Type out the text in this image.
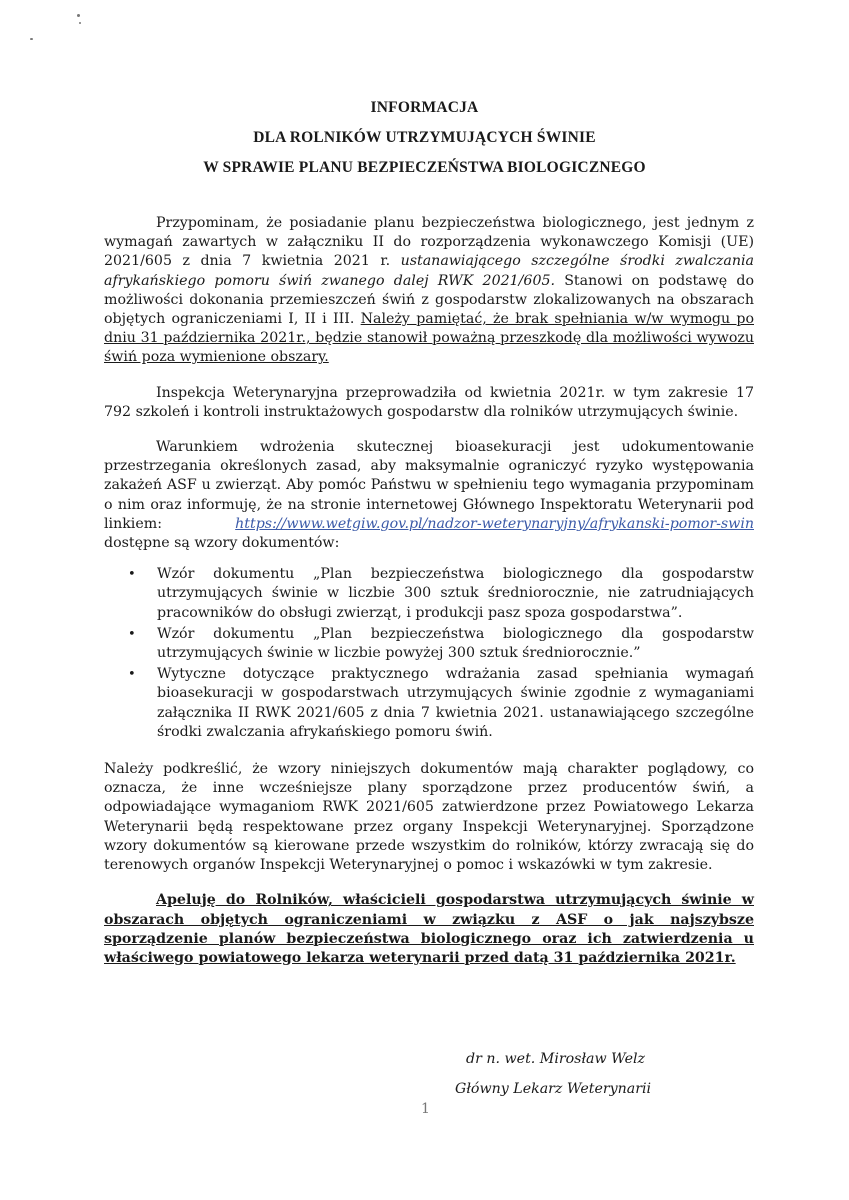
INFORMACJA
DLA ROLNIKÓW UTRZYMUJĄCYCH ŚWINIE
W SPRAWIE PLANU BEZPIECZEŃSTWA BIOLOGICZNEGO

Przypominam, że posiadanie planu bezpieczeństwa biologicznego, jest jednym z wymagań zawartych w załączniku II do rozporządzenia wykonawczego Komisji (UE) 2021/605 z dnia 7 kwietnia 2021 r. ustanawiającego szczególne środki zwalczania afrykańskiego pomoru świń zwanego dalej RWK 2021/605. Stanowi on podstawę do możliwości dokonania przemieszczeń świń z gospodarstw zlokalizowanych na obszarach objętych ograniczeniami I, II i III. Należy pamiętać, że brak spełniania w/w wymogu po dniu 31 października 2021r., będzie stanowił poważną przeszkodę dla możliwości wywozu świń poza wymienione obszary.

Inspekcja Weterynaryjna przeprowadziła od kwietnia 2021r. w tym zakresie 17 792 szkoleń i kontroli instruktażowych gospodarstw dla rolników utrzymujących świnie.

Warunkiem wdrożenia skutecznej bioasekuracji jest udokumentowanie przestrzegania określonych zasad, aby maksymalnie ograniczyć ryzyko występowania zakażeń ASF u zwierząt. Aby pomóc Państwu w spełnieniu tego wymagania przypominam o nim oraz informuję, że na stronie internetowej Głównego Inspektoratu Weterynarii pod linkiem: https://www.wetgiw.gov.pl/nadzor-weterynaryjny/afrykanski-pomor-swin dostępne są wzory dokumentów:

• Wzór dokumentu „Plan bezpieczeństwa biologicznego dla gospodarstw utrzymujących świnie w liczbie 300 sztuk średniorocznie, nie zatrudniających pracowników do obsługi zwierząt, i produkcji pasz spoza gospodarstwa”.
• Wzór dokumentu „Plan bezpieczeństwa biologicznego dla gospodarstw utrzymujących świnie w liczbie powyżej 300 sztuk średniorocznie.”
• Wytyczne dotyczące praktycznego wdrażania zasad spełniania wymagań bioasekuracji w gospodarstwach utrzymujących świnie zgodnie z wymaganiami załącznika II RWK 2021/605 z dnia 7 kwietnia 2021. ustanawiającego szczególne środki zwalczania afrykańskiego pomoru świń.

Należy podkreślić, że wzory niniejszych dokumentów mają charakter poglądowy, co oznacza, że inne wcześniejsze plany sporządzone przez producentów świń, a odpowiadające wymaganiom RWK 2021/605 zatwierdzone przez Powiatowego Lekarza Weterynarii będą respektowane przez organy Inspekcji Weterynaryjnej. Sporządzone wzory dokumentów są kierowane przede wszystkim do rolników, którzy zwracają się do terenowych organów Inspekcji Weterynaryjnej o pomoc i wskazówki w tym zakresie.

Apeluję do Rolników, właścicieli gospodarstwa utrzymujących świnie w obszarach objętych ograniczeniami w związku z ASF o jak najszybsze sporządzenie planów bezpieczeństwa biologicznego oraz ich zatwierdzenia u właściwego powiatowego lekarza weterynarii przed datą 31 października 2021r.

dr n. wet. Mirosław Welz
Główny Lekarz Weterynarii
1
